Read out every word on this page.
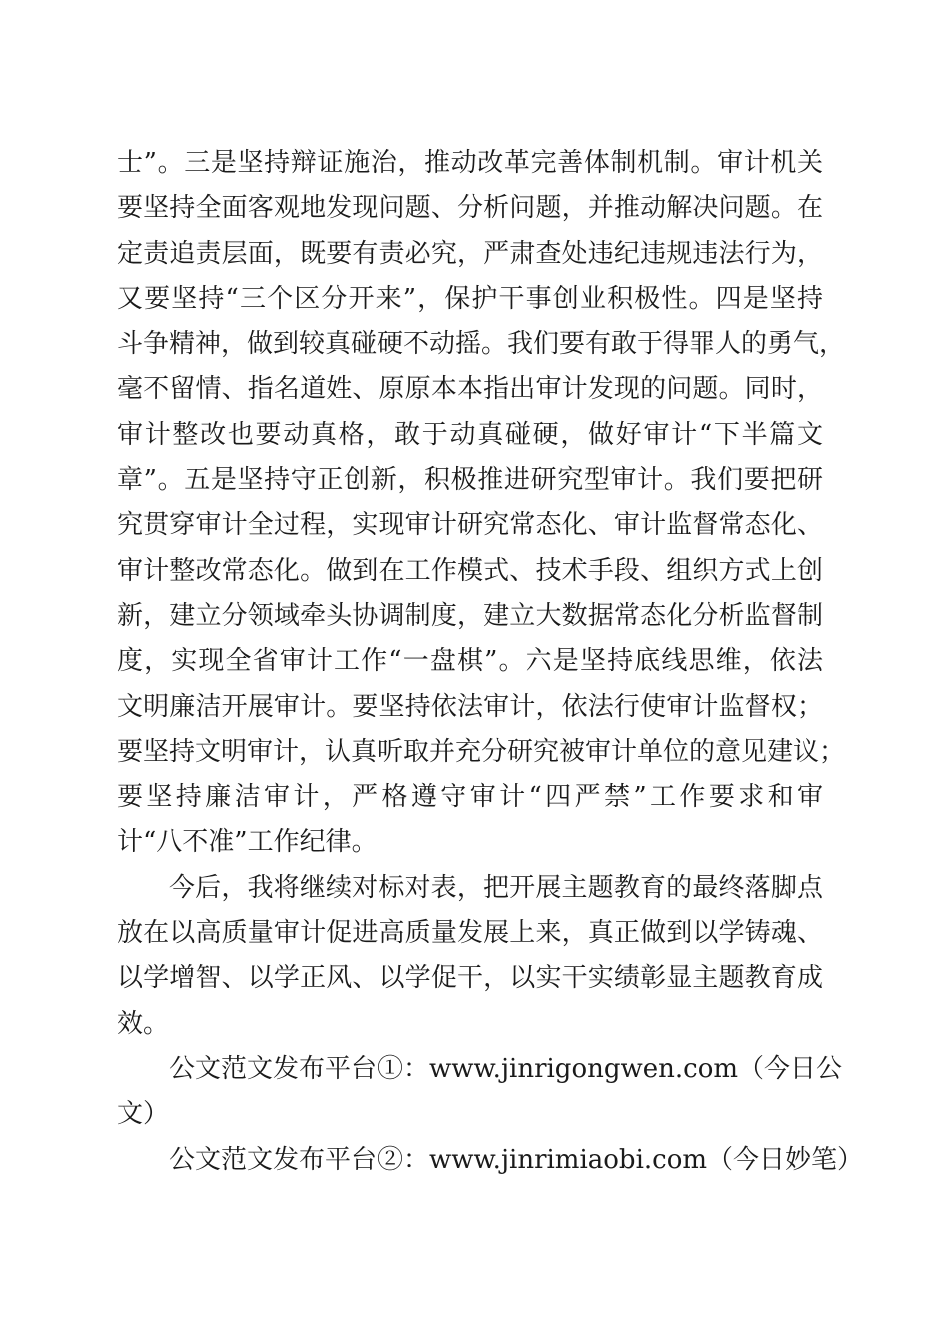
士”。三是坚持辩证施治，推动改革完善体制机制。审计机关
要坚持全面客观地发现问题、分析问题，并推动解决问题。在
定责追责层面，既要有责必究，严肃查处违纪违规违法行为，
又要坚持“三个区分开来”，保护干事创业积极性。四是坚持
斗争精神，做到较真碰硬不动摇。我们要有敢于得罪人的勇气，
毫不留情、指名道姓、原原本本指出审计发现的问题。同时，
审计整改也要动真格，敢于动真碰硬，做好审计“下半篇文
章”。五是坚持守正创新，积极推进研究型审计。我们要把研
究贯穿审计全过程，实现审计研究常态化、审计监督常态化、
审计整改常态化。做到在工作模式、技术手段、组织方式上创
新，建立分领域牵头协调制度，建立大数据常态化分析监督制
度，实现全省审计工作“一盘棋”。六是坚持底线思维，依法
文明廉洁开展审计。要坚持依法审计，依法行使审计监督权；
要坚持文明审计，认真听取并充分研究被审计单位的意见建议；
要坚持廉洁审计，严格遵守审计“四严禁”工作要求和审
计“八不准”工作纪律。
今后，我将继续对标对表，把开展主题教育的最终落脚点
放在以高质量审计促进高质量发展上来，真正做到以学铸魂、
以学增智、以学正风、以学促干，以实干实绩彰显主题教育成
效。
公文范文发布平台①：www.jinrigongwen.com（今日公
文）
公文范文发布平台②：www.jinrimiaobi.com（今日妙笔）
